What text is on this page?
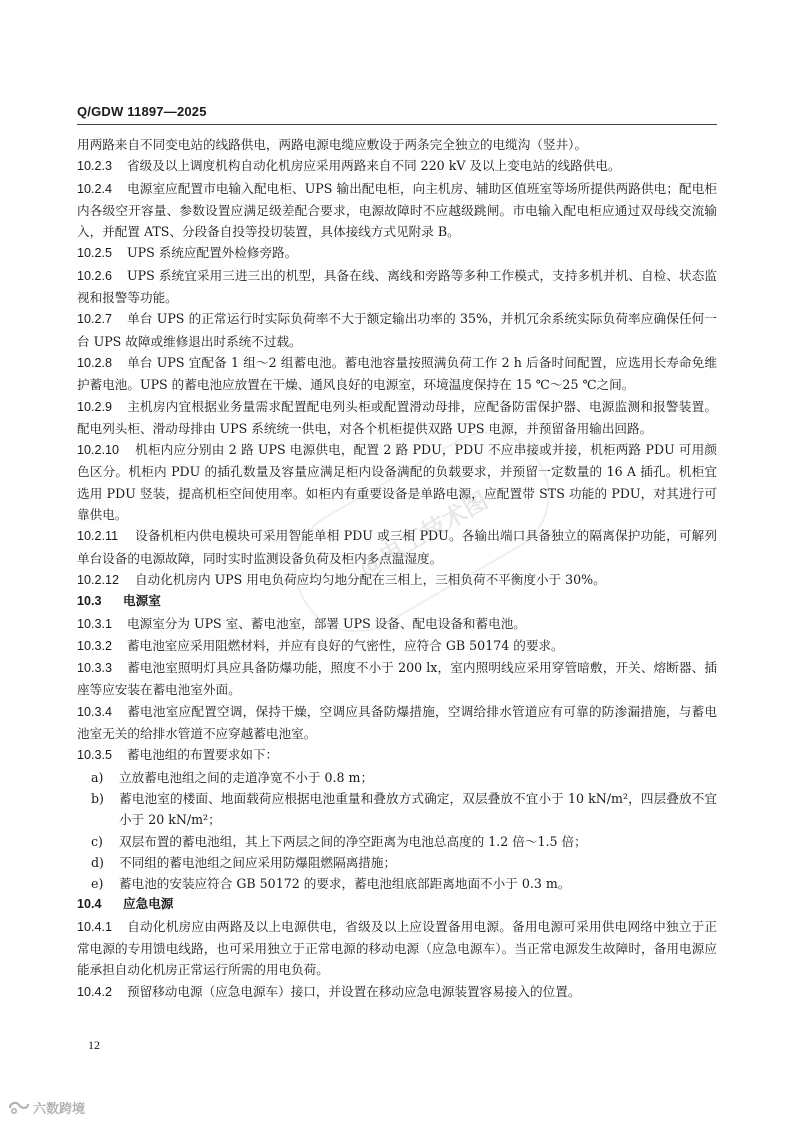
Q/GDW 11897—2025

用两路来自不同变电站的线路供电，两路电源电缆应敷设于两条完全独立的电缆沟（竖井）。

10.2.3 省级及以上调度机构自动化机房应采用两路来自不同 220 kV 及以上变电站的线路供电。

10.2.4 电源室应配置市电输入配电柜、UPS 输出配电柜，向主机房、辅助区值班室等场所提供两路供电；配电柜内各级空开容量、参数设置应满足级差配合要求，电源故障时不应越级跳闸。市电输入配电柜应通过双母线交流输入，并配置 ATS、分段备自投等投切装置，具体接线方式见附录 B。

10.2.5 UPS 系统应配置外检修旁路。

10.2.6 UPS 系统宜采用三进三出的机型，具备在线、离线和旁路等多种工作模式，支持多机并机、自检、状态监视和报警等功能。

10.2.7 单台 UPS 的正常运行时实际负荷率不大于额定输出功率的 35%，并机冗余系统实际负荷率应确保任何一台 UPS 故障或维修退出时系统不过载。

10.2.8 单台 UPS 宜配备 1 组～2 组蓄电池。蓄电池容量按照满负荷工作 2 h 后备时间配置，应选用长寿命免维护蓄电池。UPS 的蓄电池应放置在干燥、通风良好的电源室，环境温度保持在 15 ℃～25 ℃之间。

10.2.9 主机房内宜根据业务量需求配置配电列头柜或配置滑动母排，应配备防雷保护器、电源监测和报警装置。配电列头柜、滑动母排由 UPS 系统统一供电，对各个机柜提供双路 UPS 电源，并预留备用输出回路。

10.2.10 机柜内应分别由 2 路 UPS 电源供电，配置 2 路 PDU，PDU 不应串接或并接，机柜两路 PDU 可用颜色区分。机柜内 PDU 的插孔数量及容量应满足柜内设备满配的负载要求，并预留一定数量的 16 A 插孔。机柜宜选用 PDU 竖装，提高机柜空间使用率。如柜内有重要设备是单路电源，应配置带 STS 功能的 PDU，对其进行可靠供电。

10.2.11 设备机柜内供电模块可采用智能单相 PDU 或三相 PDU。各输出端口具备独立的隔离保护功能，可解列单台设备的电源故障，同时实时监测设备负荷及柜内多点温湿度。

10.2.12 自动化机房内 UPS 用电负荷应均匀地分配在三相上，三相负荷不平衡度小于 30%。

10.3 电源室

10.3.1 电源室分为 UPS 室、蓄电池室，部署 UPS 设备、配电设备和蓄电池。

10.3.2 蓄电池室应采用阻燃材料，并应有良好的气密性，应符合 GB 50174 的要求。

10.3.3 蓄电池室照明灯具应具备防爆功能，照度不小于 200 lx，室内照明线应采用穿管暗敷，开关、熔断器、插座等应安装在蓄电池室外面。

10.3.4 蓄电池室应配置空调，保持干燥，空调应具备防爆措施，空调给排水管道应有可靠的防渗漏措施，与蓄电池室无关的给排水管道不应穿越蓄电池室。

10.3.5 蓄电池组的布置要求如下：

a) 立放蓄电池组之间的走道净宽不小于 0.8 m；

b) 蓄电池室的楼面、地面载荷应根据电池重量和叠放方式确定，双层叠放不宜小于 10 kN/m²，四层叠放不宜小于 20 kN/m²；

c) 双层布置的蓄电池组，其上下两层之间的净空距离为电池总高度的 1.2 倍～1.5 倍；

d) 不同组的蓄电池组之间应采用防爆阻燃隔离措施；

e) 蓄电池的安装应符合 GB 50172 的要求，蓄电池组底部距离地面不小于 0.3 m。

10.4 应急电源

10.4.1 自动化机房应由两路及以上电源供电，省级及以上应设置备用电源。备用电源可采用供电网络中独立于正常电源的专用馈电线路，也可采用独立于正常电源的移动电源（应急电源车）。当正常电源发生故障时，备用电源应能承担自动化机房正常运行所需的用电负荷。

10.4.2 预留移动电源（应急电源车）接口，并设置在移动应急电源装置容易接入的位置。

12
@电工技术图
六数跨境
